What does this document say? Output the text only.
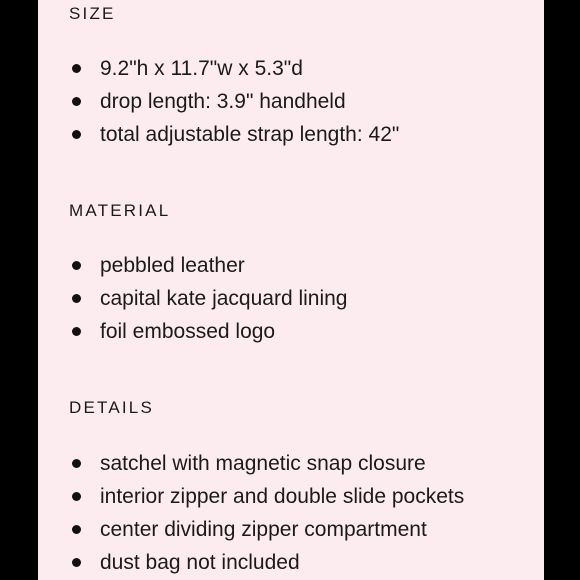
SIZE
9.2"h x 11.7"w x 5.3"d
drop length: 3.9" handheld
total adjustable strap length: 42"
MATERIAL
pebbled leather
capital kate jacquard lining
foil embossed logo
DETAILS
satchel with magnetic snap closure
interior zipper and double slide pockets
center dividing zipper compartment
dust bag not included
